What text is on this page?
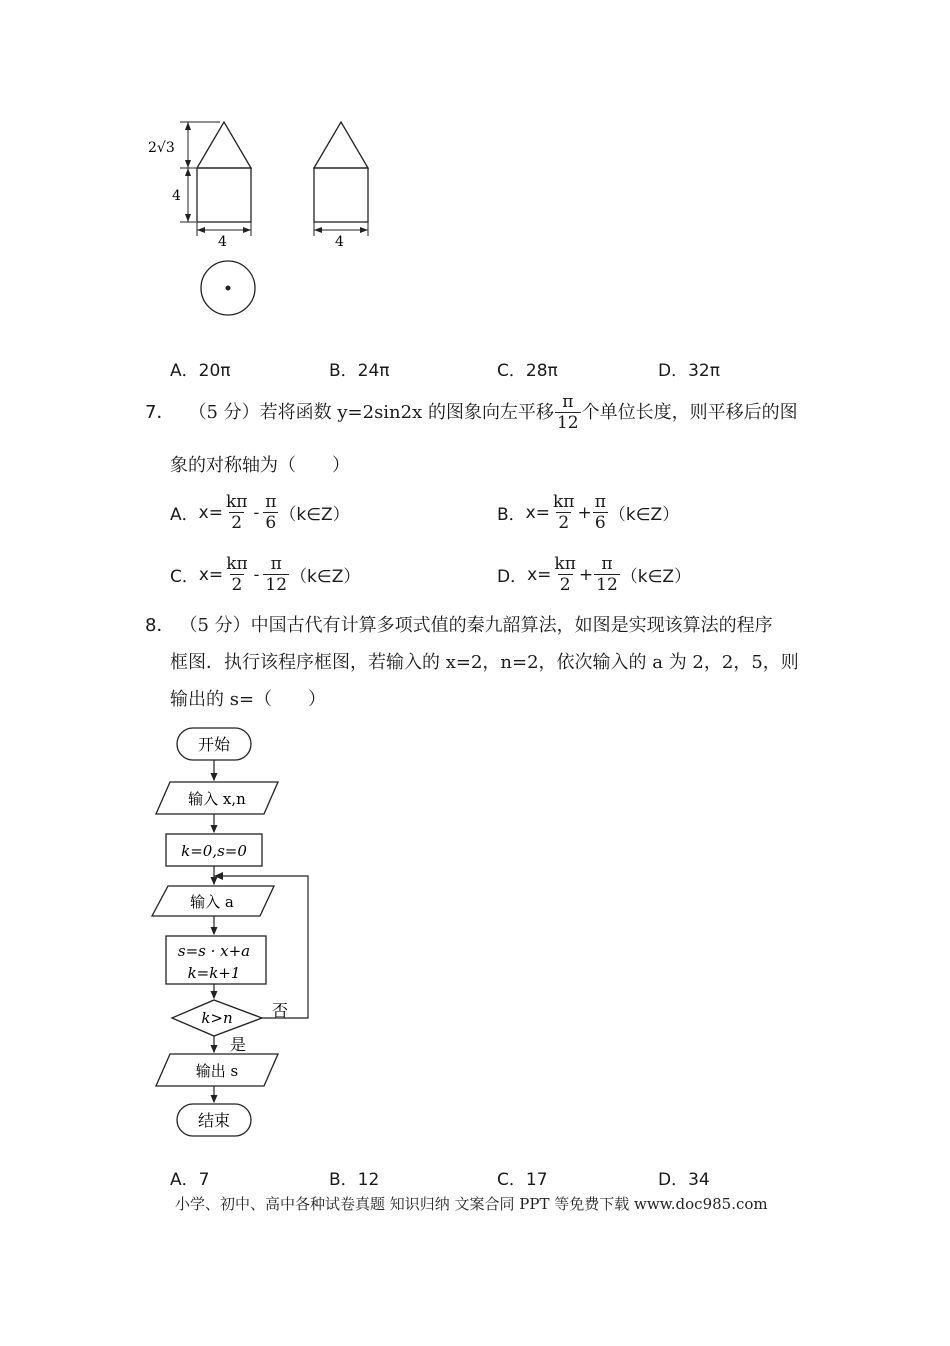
2√3
4
4	4
A．20π	B．24π	C．28π	D．32π
7． （5 分） 若将函数 y=2sin2x 的图象向左平移 $\frac{\pi}{12}$ 个单位长度，则平移后的图
象的对称轴为（　　）
A． $x= \frac{k\pi}{2} - \frac{\pi}{6}$ （k∈Z）	B． $x= \frac{k\pi}{2} + \frac{\pi}{6}$ （k∈Z）
C． $x= \frac{k\pi}{2} - \frac{\pi}{12}$ （k∈Z）	D． $x= \frac{k\pi}{2} + \frac{\pi}{12}$ （k∈Z）
8． （5 分）中国古代有计算多项式值的秦九韶算法，如图是实现该算法的程序
框图．执行该程序框图，若输入的 x=2，n=2，依次输入的 a 为 2，2，5，则
输出的 s=（　　）
开始
输入 x,n
k=0,s=0
输入 a
s=s · x+a
k=k+1
k>n 否
是
输出 s
结束
A．7	B．12	C．17	D．34
小学、初中、高中各种试卷真题 知识归纳 文案合同 PPT 等免费下载 www.doc985.com
